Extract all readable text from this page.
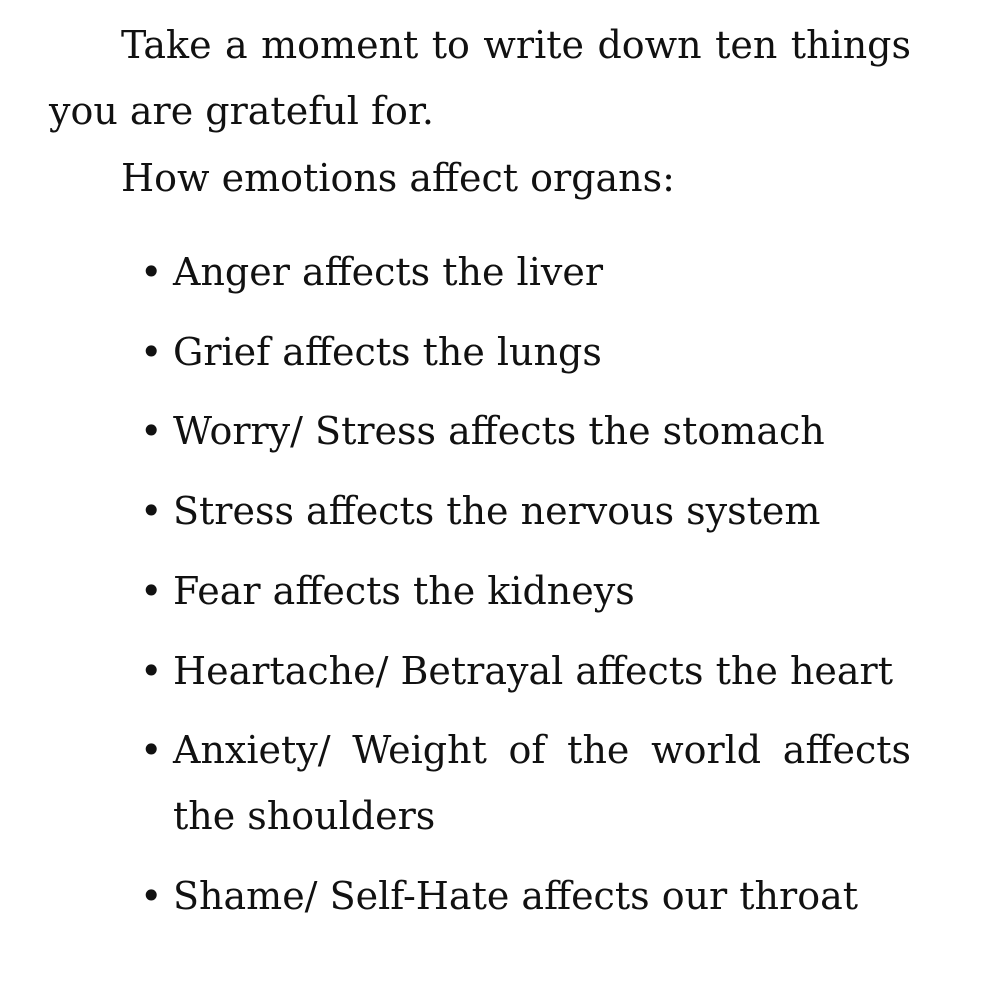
Take a moment to write down ten things you are grateful for.

How emotions affect organs:

• Anger affects the liver
• Grief affects the lungs
• Worry/ Stress affects the stomach
• Stress affects the nervous system
• Fear affects the kidneys
• Heartache/ Betrayal affects the heart
• Anxiety/ Weight of the world affects the shoulders
• Shame/ Self-Hate affects our throat
